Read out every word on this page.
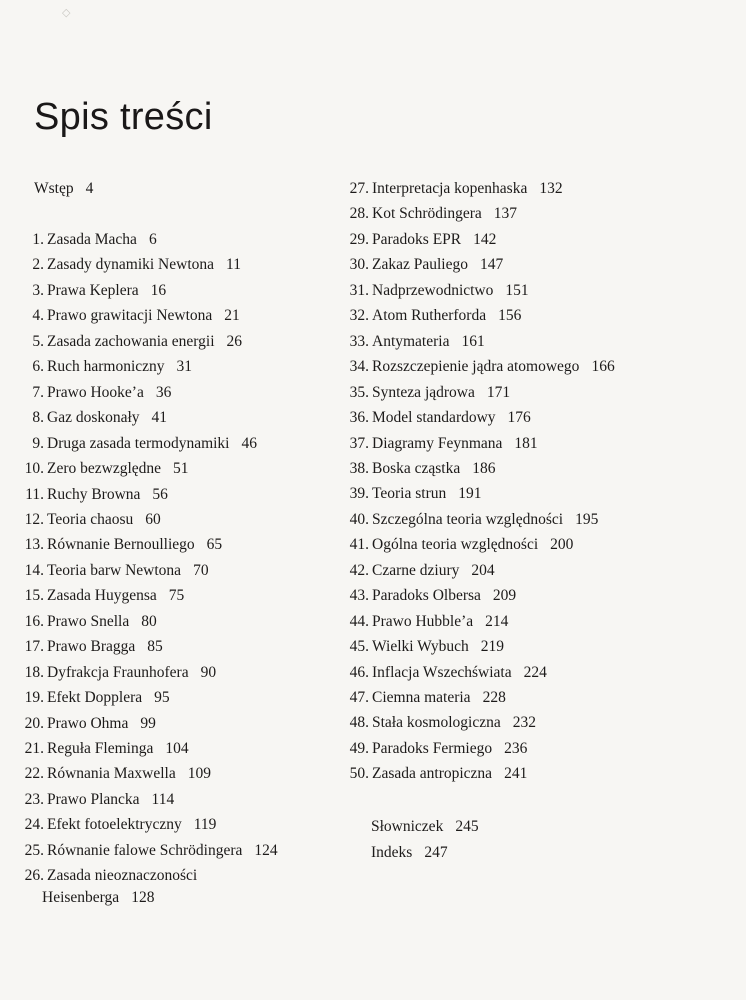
◇
Spis treści
Wstęp 4
1. Zasada Macha 6
2. Zasady dynamiki Newtona 11
3. Prawa Keplera 16
4. Prawo grawitacji Newtona 21
5. Zasada zachowania energii 26
6. Ruch harmoniczny 31
7. Prawo Hooke’a 36
8. Gaz doskonały 41
9. Druga zasada termodynamiki 46
10. Zero bezwzględne 51
11. Ruchy Browna 56
12. Teoria chaosu 60
13. Równanie Bernoulliego 65
14. Teoria barw Newtona 70
15. Zasada Huygensa 75
16. Prawo Snella 80
17. Prawo Bragga 85
18. Dyfrakcja Fraunhofera 90
19. Efekt Dopplera 95
20. Prawo Ohma 99
21. Reguła Fleminga 104
22. Równania Maxwella 109
23. Prawo Plancka 114
24. Efekt fotoelektryczny 119
25. Równanie falowe Schrödingera 124
26. Zasada nieoznaczoności
Heisenberga 128
27. Interpretacja kopenhaska 132
28. Kot Schrödingera 137
29. Paradoks EPR 142
30. Zakaz Pauliego 147
31. Nadprzewodnictwo 151
32. Atom Rutherforda 156
33. Antymateria 161
34. Rozszczepienie jądra atomowego 166
35. Synteza jądrowa 171
36. Model standardowy 176
37. Diagramy Feynmana 181
38. Boska cząstka 186
39. Teoria strun 191
40. Szczególna teoria względności 195
41. Ogólna teoria względności 200
42. Czarne dziury 204
43. Paradoks Olbersa 209
44. Prawo Hubble’a 214
45. Wielki Wybuch 219
46. Inflacja Wszechświata 224
47. Ciemna materia 228
48. Stała kosmologiczna 232
49. Paradoks Fermiego 236
50. Zasada antropiczna 241
Słowniczek 245
Indeks 247
